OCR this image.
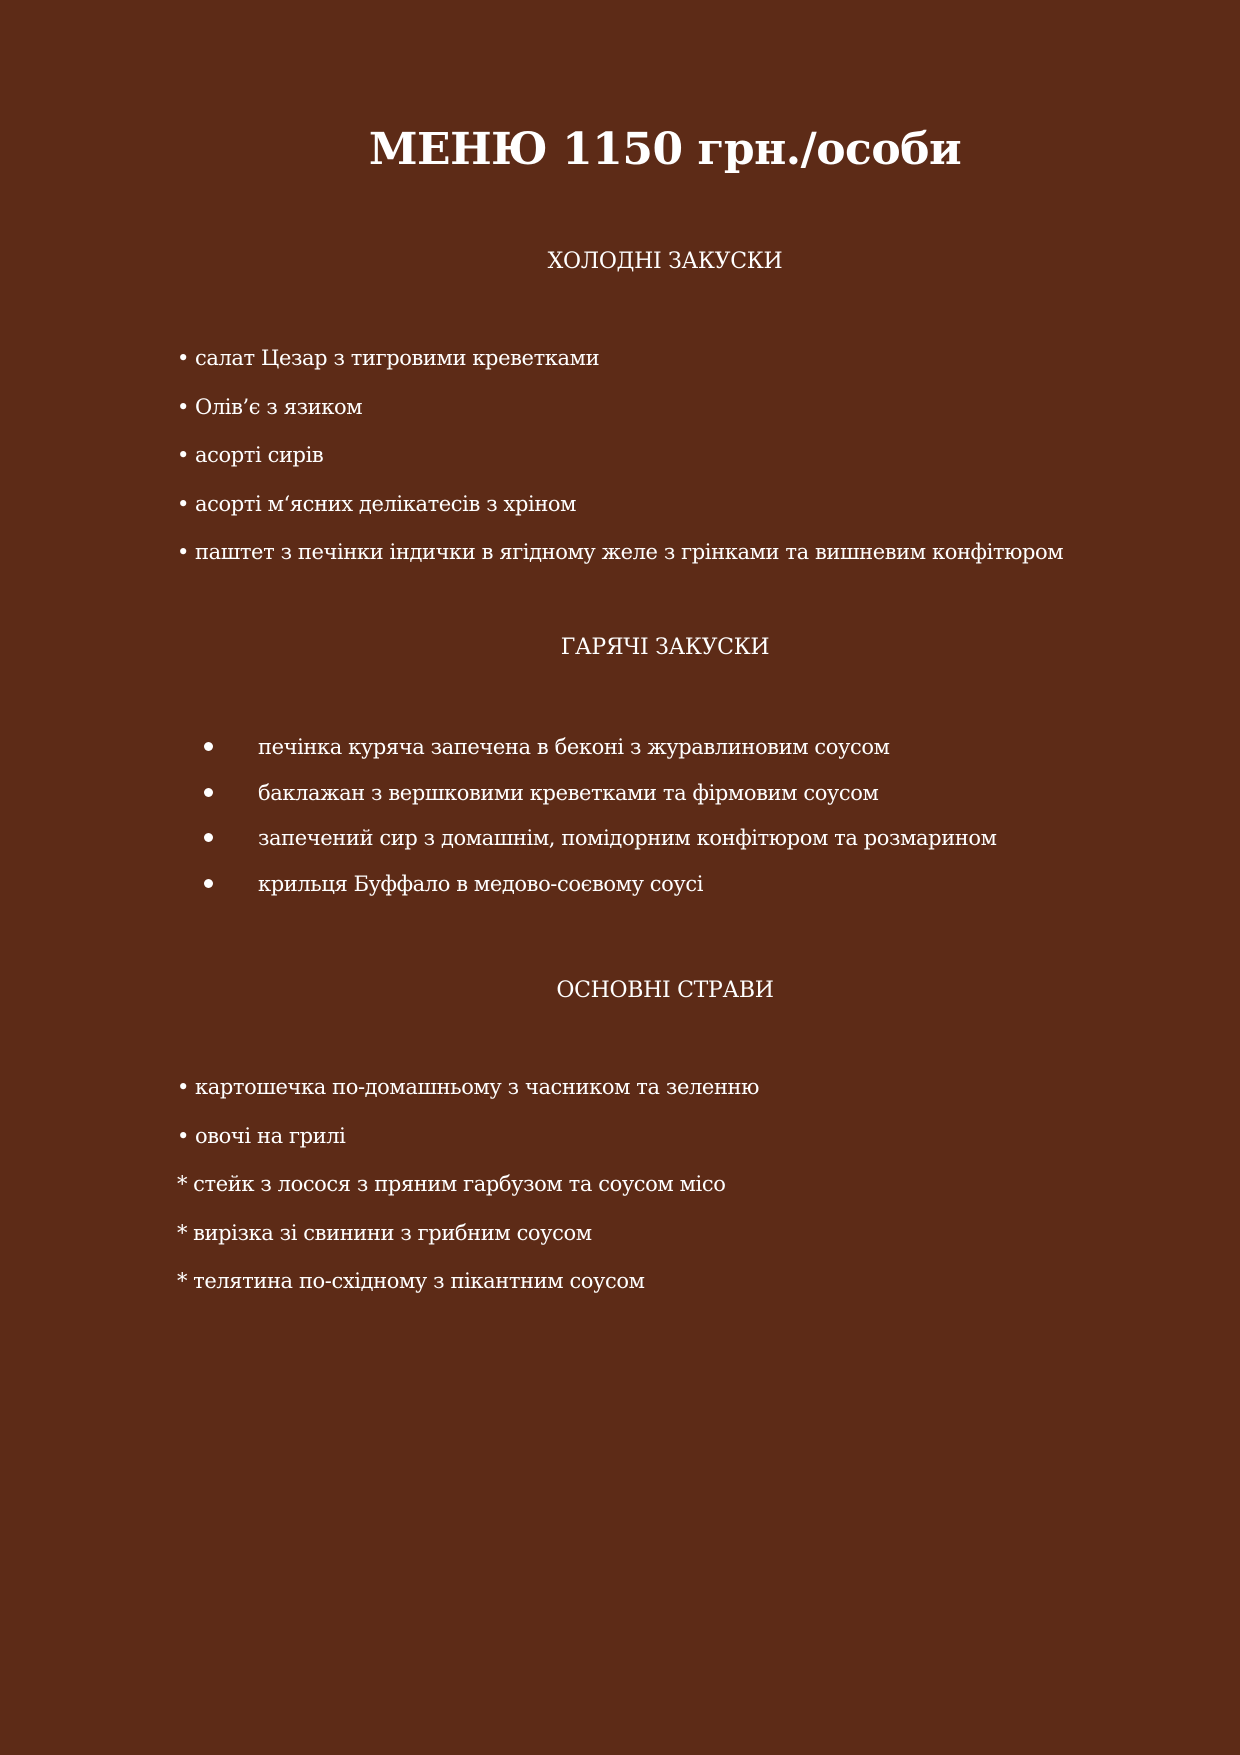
МЕНЮ 1150 грн./особи
ХОЛОДНІ ЗАКУСКИ
• салат Цезар з тигровими креветками
• Олів’є з язиком
• асорті сирів
• асорті м‘ясних делікатесів з хріном
• паштет з печінки індички в ягідному желе з грінками та вишневим конфітюром
ГАРЯЧІ ЗАКУСКИ
печінка куряча запечена в беконі з журавлиновим соусом
баклажан з вершковими креветками та фірмовим соусом
запечений сир з домашнім, помідорним конфітюром та розмарином
крильця Буффало в медово-соєвому соусі
ОСНОВНІ СТРАВИ
• картошечка по-домашньому з часником та зеленню
• овочі на грилі
* стейк з лосося з пряним гарбузом та соусом місо
* вирізка зі свинини з грибним соусом
* телятина по-східному з пікантним соусом
